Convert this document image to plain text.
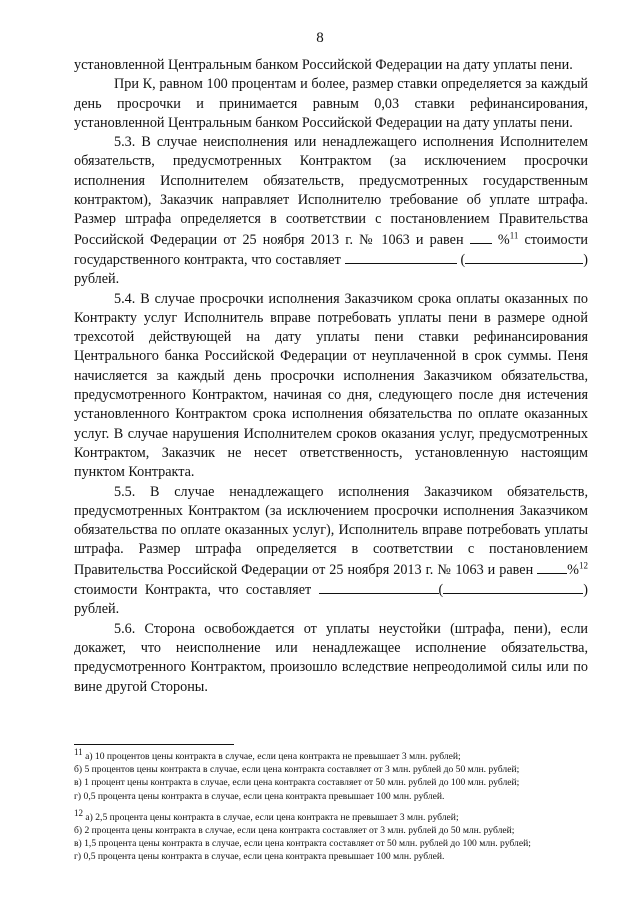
8

установленной Центральным банком Российской Федерации на дату уплаты пени.

При К, равном 100 процентам и более, размер ставки определяется за каждый день просрочки и принимается равным 0,03 ставки рефинансирования, установленной Центральным банком Российской Федерации на дату уплаты пени.

5.3. В случае неисполнения или ненадлежащего исполнения Исполнителем обязательств, предусмотренных Контрактом (за исключением просрочки исполнения Исполнителем обязательств, предусмотренных государственным контрактом), Заказчик направляет Исполнителю требование об уплате штрафа. Размер штрафа определяется в соответствии с постановлением Правительства Российской Федерации от 25 ноября 2013 г. № 1063 и равен  %$^{11}$ стоимости государственного контракта, что составляет	(	) рублей.

5.4. В случае просрочки исполнения Заказчиком срока оплаты оказанных по Контракту услуг Исполнитель вправе потребовать уплаты пени в размере одной трехсотой действующей на дату уплаты пени ставки рефинансирования Центрального банка Российской Федерации от неуплаченной в срок суммы. Пеня начисляется за каждый день просрочки исполнения Заказчиком обязательства, предусмотренного Контрактом, начиная со дня, следующего после дня истечения установленного Контрактом срока исполнения обязательства по оплате оказанных услуг. В случае нарушения Исполнителем сроков оказания услуг, предусмотренных Контрактом, Заказчик не несет ответственность, установленную настоящим пунктом Контракта.

5.5. В случае ненадлежащего исполнения Заказчиком обязательств, предусмотренных Контрактом (за исключением просрочки исполнения Заказчиком обязательства по оплате оказанных услуг), Исполнитель вправе потребовать уплаты штрафа. Размер штрафа определяется в соответствии с постановлением Правительства Российской Федерации от 25 ноября 2013 г. № 1063 и равен %$^{12}$ стоимости Контракта, что составляет	(	) рублей.

5.6. Сторона освобождается от уплаты неустойки (штрафа, пени), если докажет, что неисполнение или ненадлежащее исполнение обязательства, предусмотренного Контрактом, произошло вследствие непреодолимой силы или по вине другой Стороны.

$^{11}$ а) 10 процентов цены контракта в случае, если цена контракта не превышает 3 млн. рублей;

б) 5 процентов цены контракта в случае, если цена контракта составляет от 3 млн. рублей до 50 млн. рублей;

в) 1 процент цены контракта в случае, если цена контракта составляет от 50 млн. рублей до 100 млн. рублей;

г) 0,5 процента цены контракта в случае, если цена контракта превышает 100 млн. рублей.

$^{12}$ а) 2,5 процента цены контракта в случае, если цена контракта не превышает 3 млн. рублей;

б) 2 процента цены контракта в случае, если цена контракта составляет от 3 млн. рублей до 50 млн. рублей;

в) 1,5 процента цены контракта в случае, если цена контракта составляет от 50 млн. рублей до 100 млн. рублей;

г) 0,5 процента цены контракта в случае, если цена контракта превышает 100 млн. рублей.
